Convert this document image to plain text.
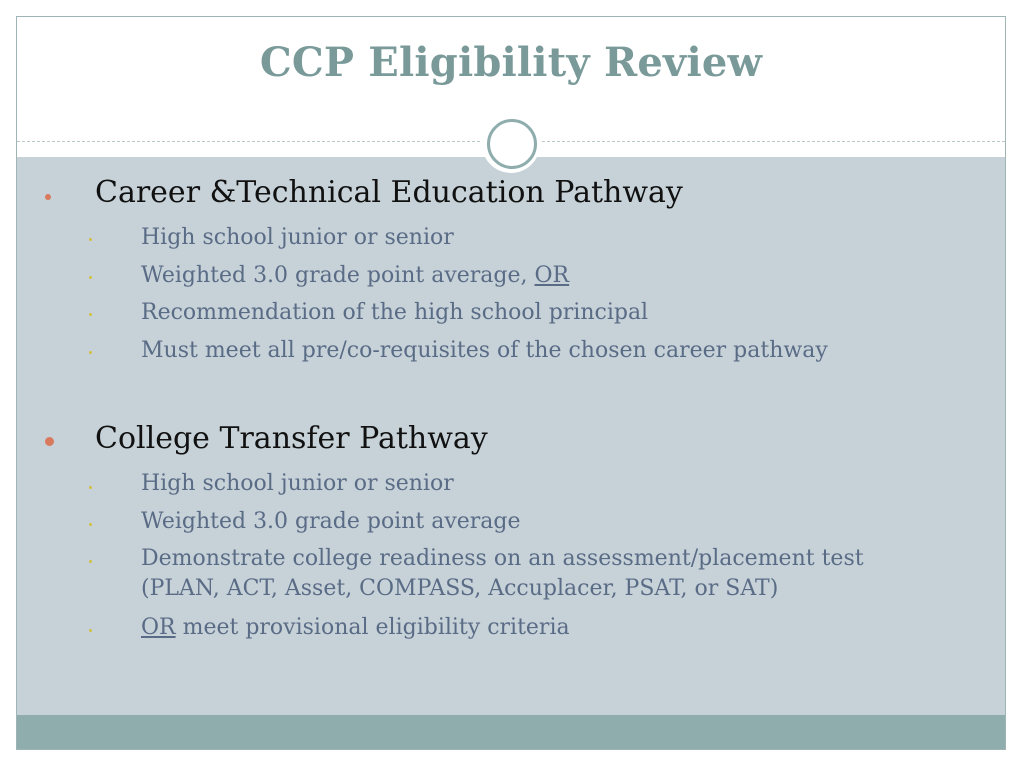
CCP Eligibility Review
Career &Technical Education Pathway
High school junior or senior
Weighted 3.0 grade point average, OR
Recommendation of the high school principal
Must meet all pre/co-requisites of the chosen career pathway
College Transfer Pathway
High school junior or senior
Weighted 3.0 grade point average
Demonstrate college readiness on an assessment/placement test
(PLAN, ACT, Asset, COMPASS, Accuplacer, PSAT, or SAT)
OR meet provisional eligibility criteria
